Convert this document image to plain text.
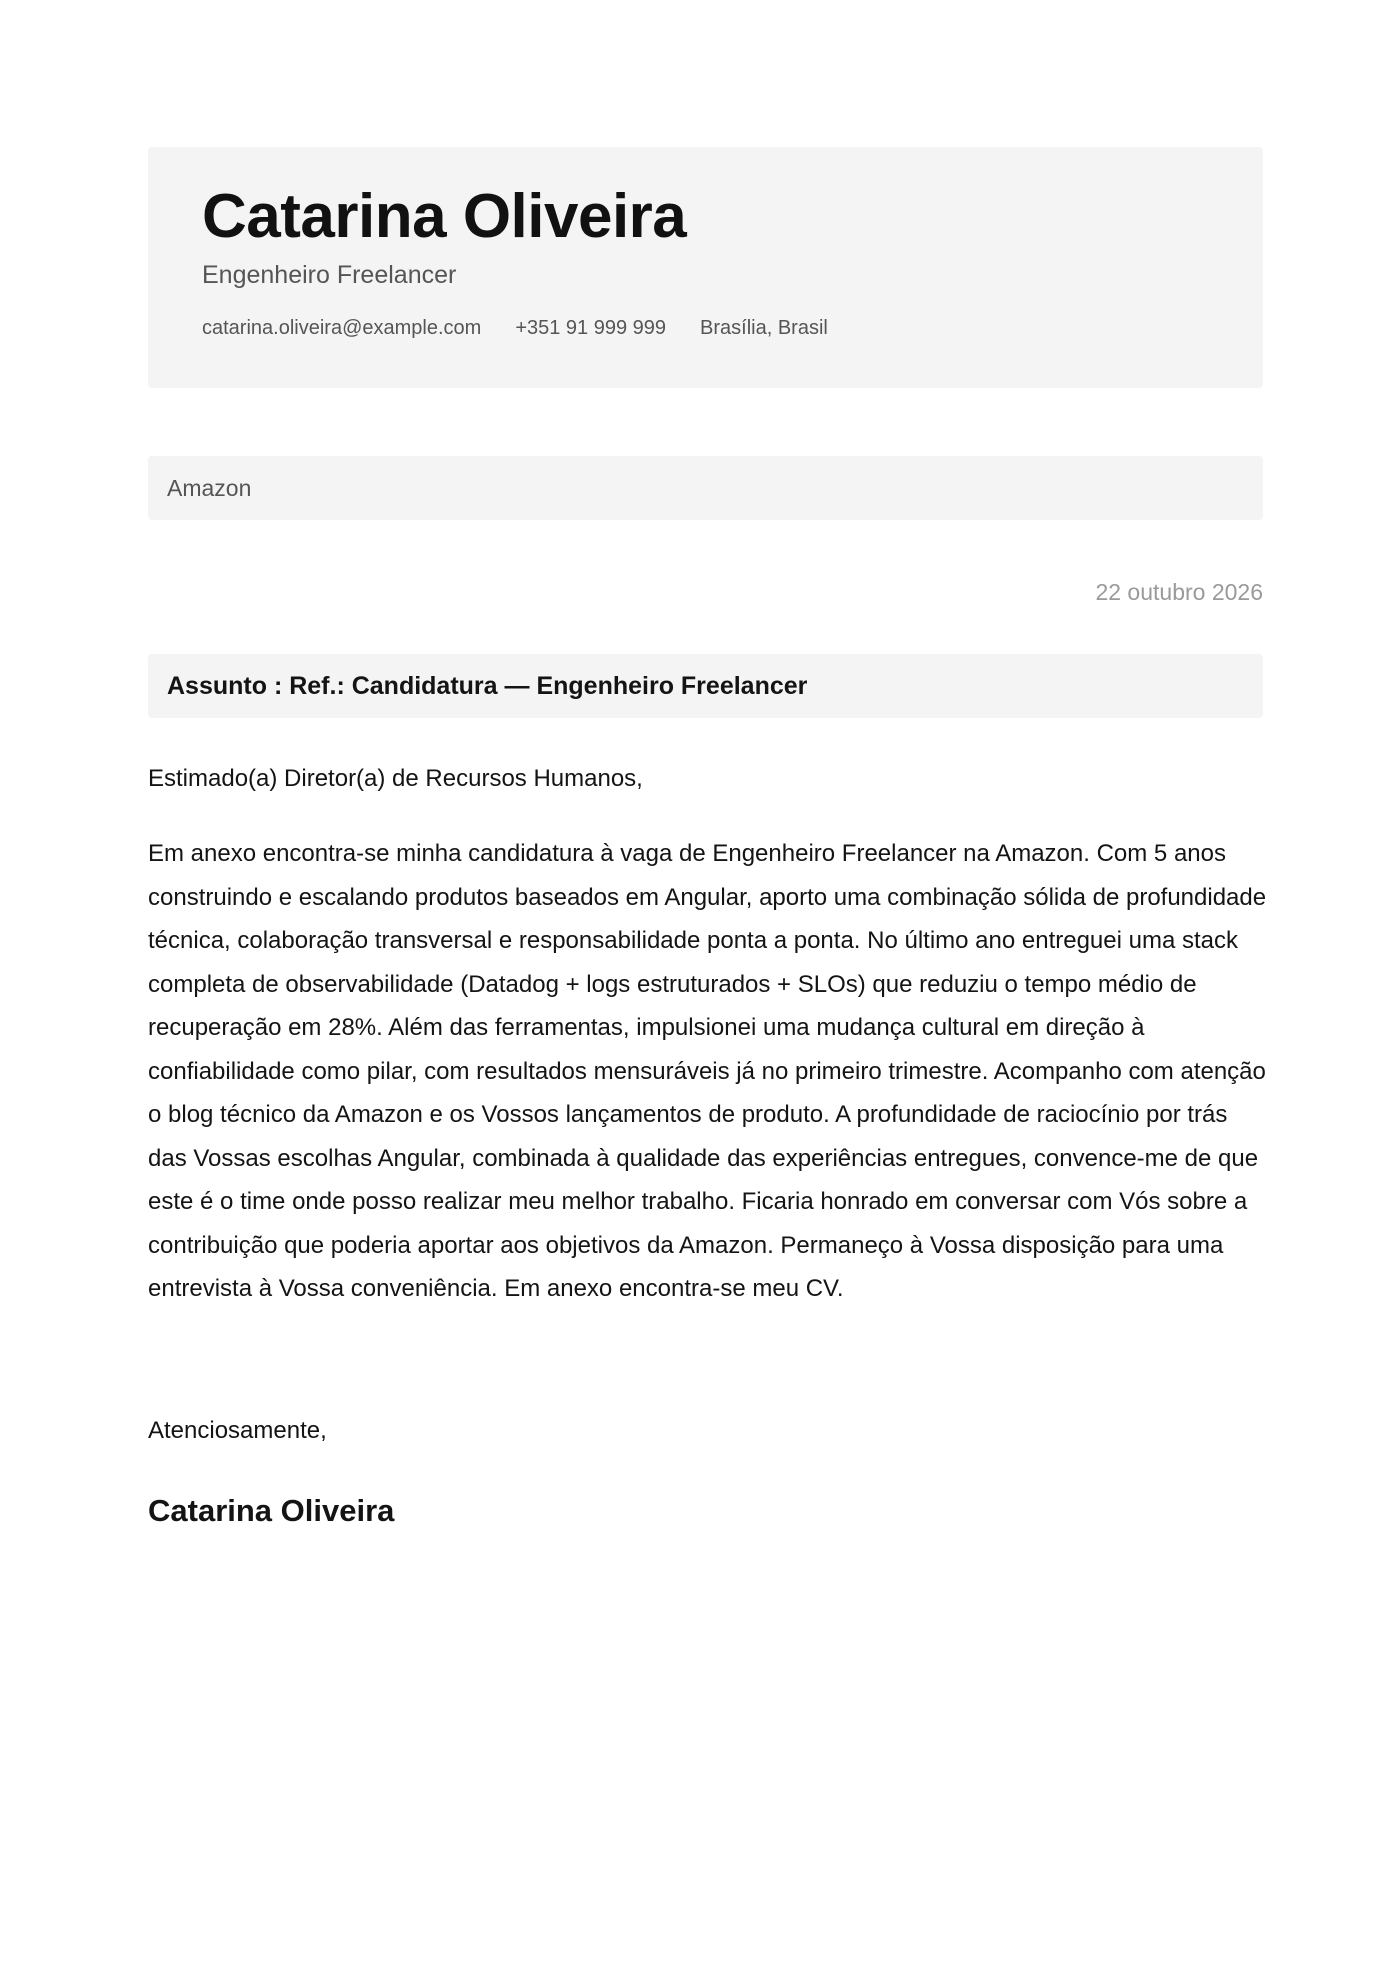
Catarina Oliveira
Engenheiro Freelancer
catarina.oliveira@example.com +351 91 999 999 Brasília, Brasil
Amazon
22 outubro 2026
Assunto : Ref.: Candidatura — Engenheiro Freelancer
Estimado(a) Diretor(a) de Recursos Humanos,

Em anexo encontra-se minha candidatura à vaga de Engenheiro Freelancer na Amazon. Com 5 anos construindo e escalando produtos baseados em Angular, aporto uma combinação sólida de profundidade técnica, colaboração transversal e responsabilidade ponta a ponta. No último ano entreguei uma stack completa de observabilidade (Datadog + logs estruturados + SLOs) que reduziu o tempo médio de recuperação em 28%. Além das ferramentas, impulsionei uma mudança cultural em direção à confiabilidade como pilar, com resultados mensuráveis já no primeiro trimestre. Acompanho com atenção o blog técnico da Amazon e os Vossos lançamentos de produto. A profundidade de raciocínio por trás das Vossas escolhas Angular, combinada à qualidade das experiências entregues, convence-me de que este é o time onde posso realizar meu melhor trabalho. Ficaria honrado em conversar com Vós sobre a contribuição que poderia aportar aos objetivos da Amazon. Permaneço à Vossa disposição para uma entrevista à Vossa conveniência. Em anexo encontra-se meu CV.

Atenciosamente,
Catarina Oliveira
